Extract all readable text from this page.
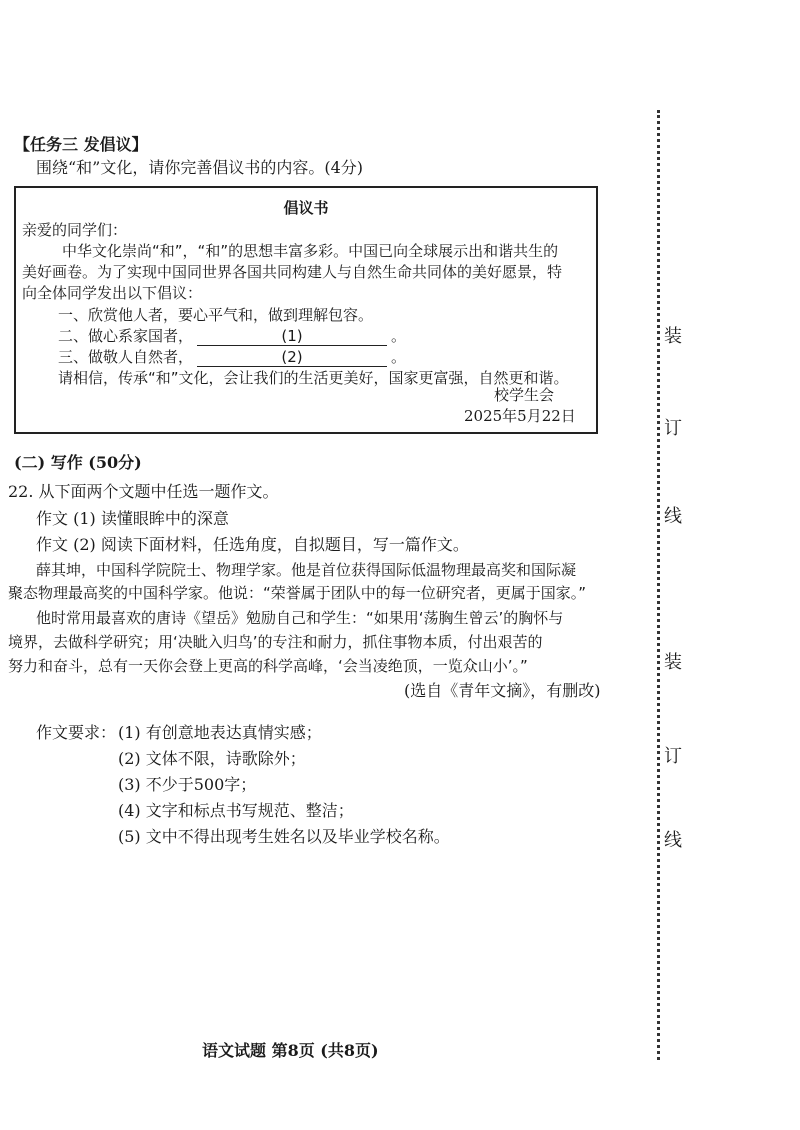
【任务三 发倡议】
围绕“和”文化，请你完善倡议书的内容。(4分)
倡议书
亲爱的同学们：
中华文化崇尚“和”，“和”的思想丰富多彩。中国已向全球展示出和谐共生的
美好画卷。为了实现中国同世界各国共同构建人与自然生命共同体的美好愿景，特
向全体同学发出以下倡议：
一、欣赏他人者，要心平气和，做到理解包容。
二、做心系家国者，	(1)	。
三、做敬人自然者，	(2)	。
请相信，传承“和”文化，会让我们的生活更美好，国家更富强，自然更和谐。
校学生会
2025年5月22日
(二) 写作 (50分)
22. 从下面两个文题中任选一题作文。
作文 (1) 读懂眼眸中的深意
作文 (2) 阅读下面材料，任选角度，自拟题目，写一篇作文。
薛其坤，中国科学院院士、物理学家。他是首位获得国际低温物理最高奖和国际凝
聚态物理最高奖的中国科学家。他说：“荣誉属于团队中的每一位研究者，更属于国家。”
他时常用最喜欢的唐诗《望岳》勉励自己和学生：“如果用‘荡胸生曾云’的胸怀与
境界，去做科学研究；用‘决眦入归鸟’的专注和耐力，抓住事物本质，付出艰苦的
努力和奋斗，总有一天你会登上更高的科学高峰，‘会当凌绝顶，一览众山小’。”
(选自《青年文摘》，有删改)
作文要求： (1) 有创意地表达真情实感；
(2) 文体不限，诗歌除外；
(3) 不少于500字；
(4) 文字和标点书写规范、整洁；
(5) 文中不得出现考生姓名以及毕业学校名称。
语文试题 第8页 (共8页)
装
订
线
装
订
线
